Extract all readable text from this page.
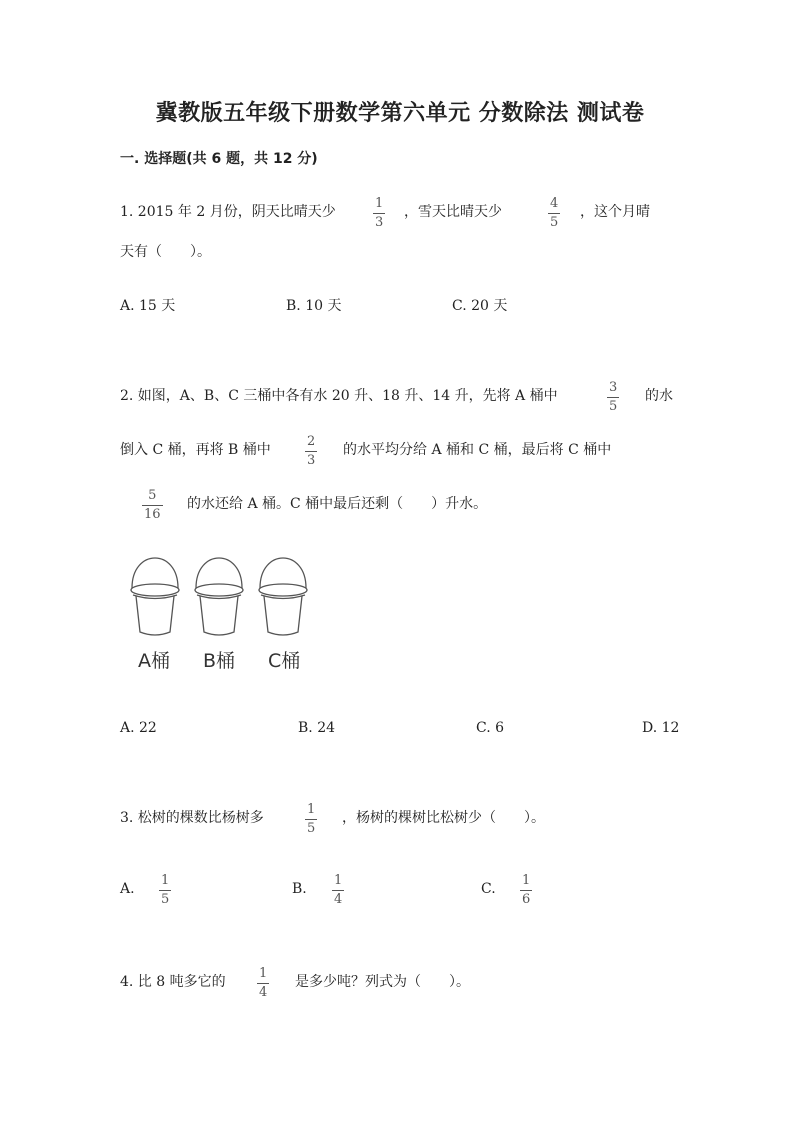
冀教版五年级下册数学第六单元 分数除法 测试卷
一. 选择题(共 6 题，共 12 分)
1. 2015 年 2 月份，阴天比晴天少
1
3
，雪天比晴天少
4
5
，这个月晴
天有（　　）。
A. 15 天	B. 10 天	C. 20 天
2. 如图，A、B、C 三桶中各有水 20 升、18 升、14 升，先将 A 桶中
3
5
的水
倒入 C 桶，再将 B 桶中
2
3
的水平均分给 A 桶和 C 桶，最后将 C 桶中
5
16
的水还给 A 桶。C 桶中最后还剩（　　）升水。
A桶 B桶 C桶
A. 22	B. 24	C. 6	D. 12
3. 松树的棵数比杨树多
1
5
，杨树的棵树比松树少（　　）。
A.
1
5
B.
1
4
C.
1
6
4. 比 8 吨多它的
1
4
是多少吨？列式为（　　）。
